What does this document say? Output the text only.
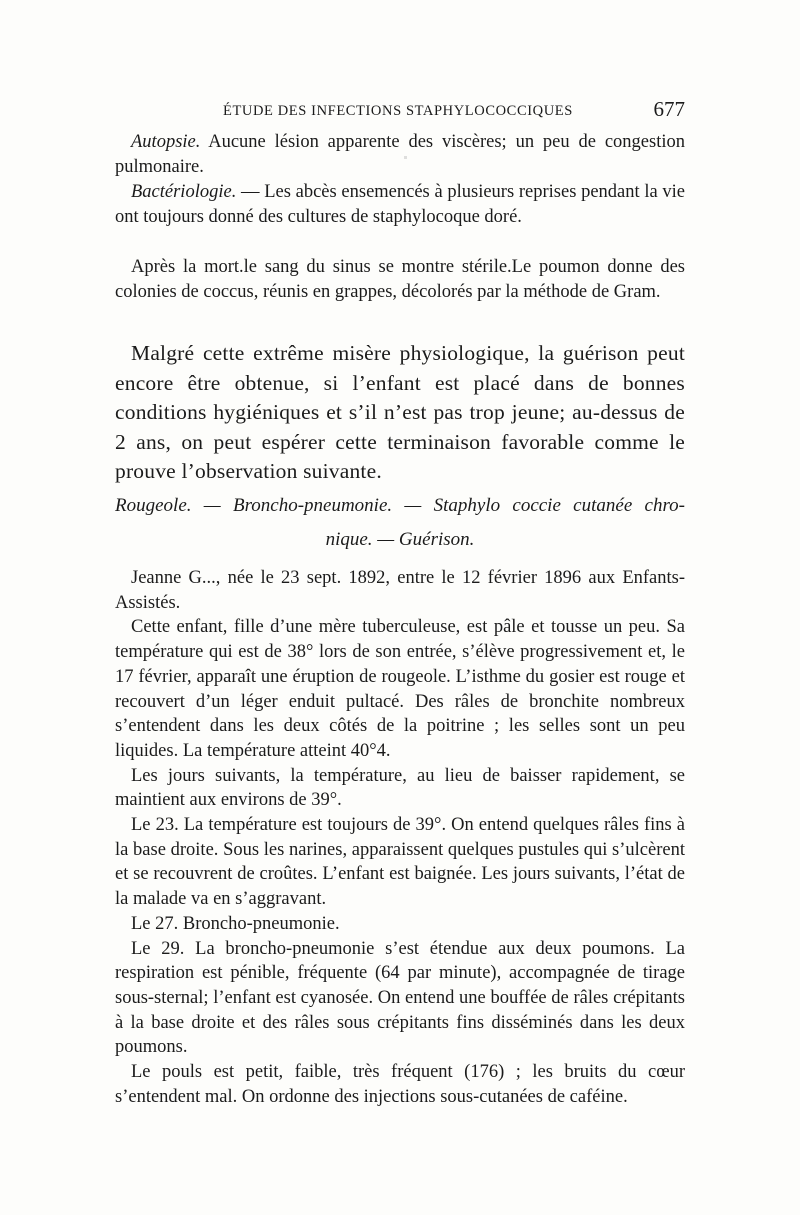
ÉTUDE DES INFECTIONS STAPHYLOCOCCIQUES	677

Autopsie. Aucune lésion apparente des viscères; un peu de congestion pulmonaire.

Bactériologie. — Les abcès ensemencés à plusieurs reprises pendant la vie ont toujours donné des cultures de staphylocoque doré.

Après la mort.le sang du sinus se montre stérile.Le poumon donne des colonies de coccus, réunis en grappes, décolorés par la méthode de Gram.

Malgré cette extrême misère physiologique, la guérison peut encore être obtenue, si l’enfant est placé dans de bonnes conditions hygiéniques et s’il n’est pas trop jeune; au-dessus de 2 ans, on peut espérer cette terminaison favorable comme le prouve l’observation suivante.

Rougeole. — Broncho-pneumonie. — Staphylo coccie cutanée chro-

nique. — Guérison.

Jeanne G..., née le 23 sept. 1892, entre le 12 février 1896 aux Enfants-Assistés.

Cette enfant, fille d’une mère tuberculeuse, est pâle et tousse un peu. Sa température qui est de 38° lors de son entrée, s’élève progressivement et, le 17 février, apparaît une éruption de rougeole. L’isthme du gosier est rouge et recouvert d’un léger enduit pultacé. Des râles de bronchite nombreux s’entendent dans les deux côtés de la poitrine ; les selles sont un peu liquides. La température atteint 40°4.

Les jours suivants, la température, au lieu de baisser rapidement, se maintient aux environs de 39°.

Le 23. La température est toujours de 39°. On entend quelques râles fins à la base droite. Sous les narines, apparaissent quelques pustules qui s’ulcèrent et se recouvrent de croûtes. L’enfant est baignée. Les jours suivants, l’état de la malade va en s’aggravant.

Le 27. Broncho-pneumonie.

Le 29. La broncho-pneumonie s’est étendue aux deux poumons. La respiration est pénible, fréquente (64 par minute), accompagnée de tirage sous-sternal; l’enfant est cyanosée. On entend une bouffée de râles crépitants à la base droite et des râles sous crépitants fins disséminés dans les deux poumons.

Le pouls est petit, faible, très fréquent (176) ; les bruits du cœur s’entendent mal. On ordonne des injections sous-cutanées de caféine.
